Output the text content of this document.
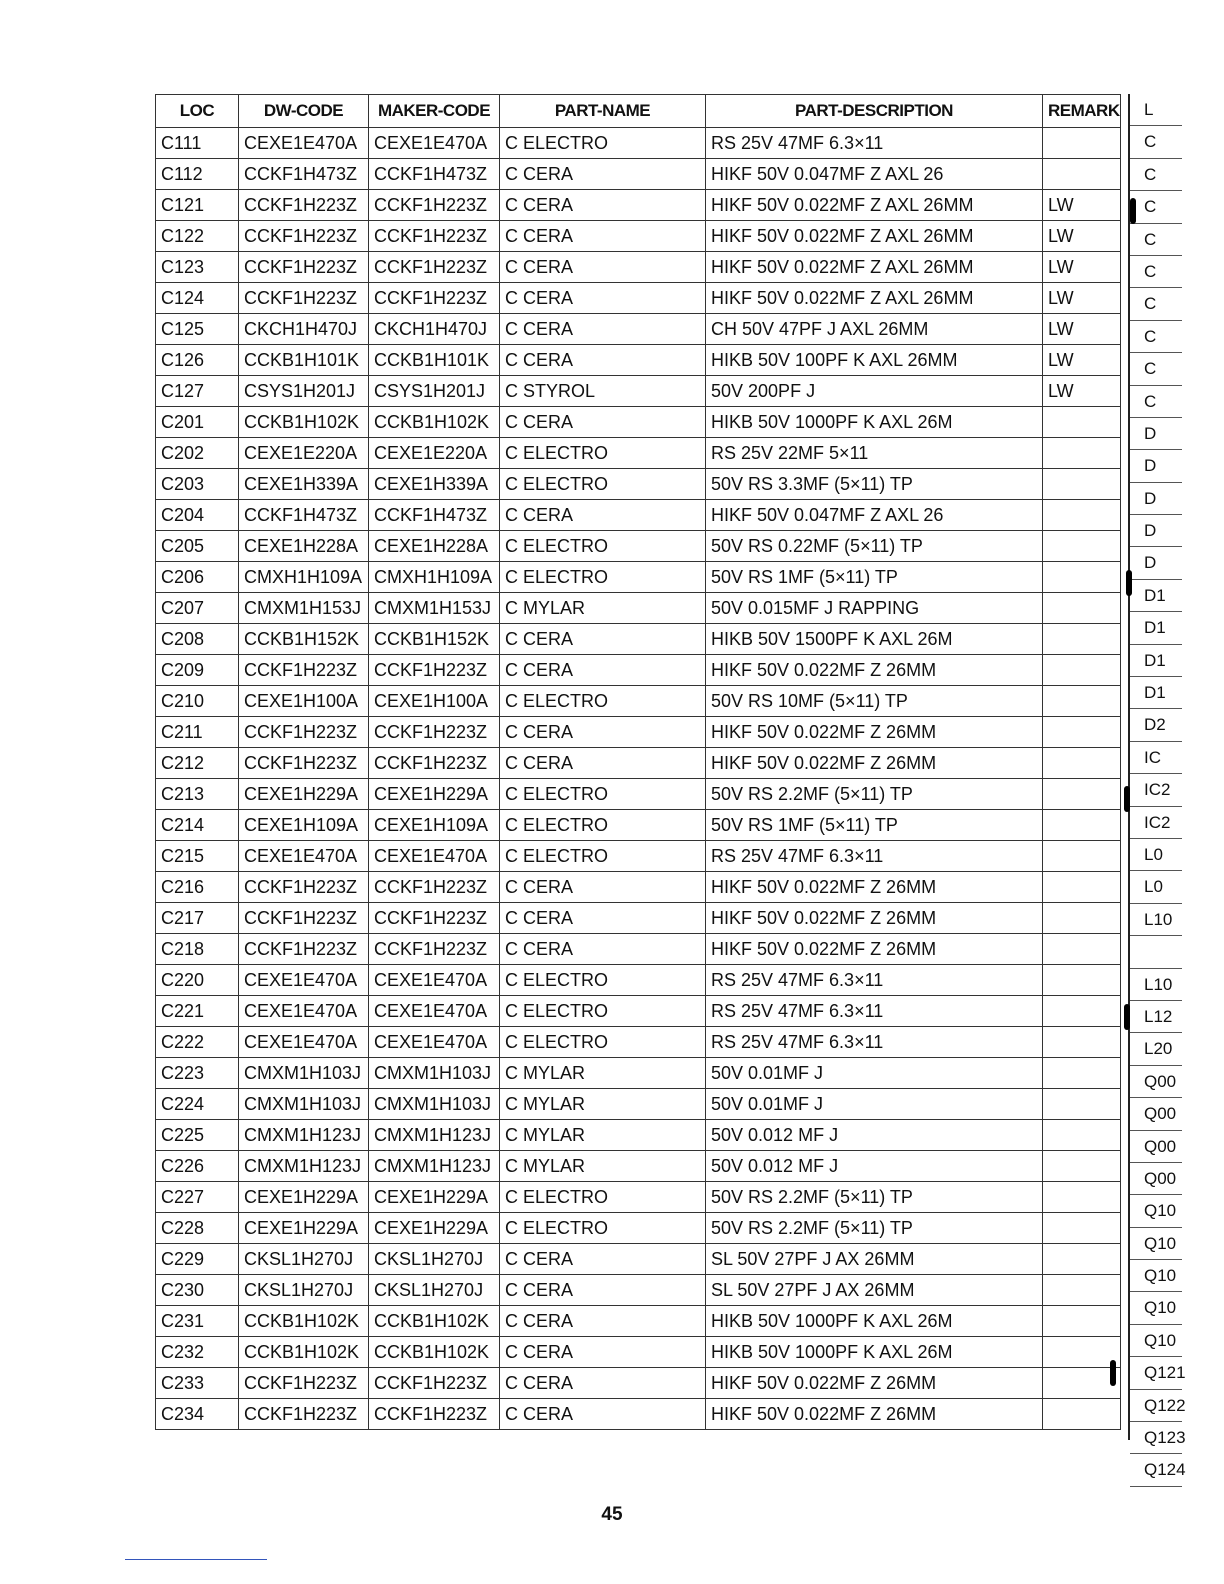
LOC	DW-CODE	MAKER-CODE	PART-NAME	PART-DESCRIPTION	REMARK
C111	CEXE1E470A	CEXE1E470A	C ELECTRO	RS 25V 47MF 6.3×11	
C112	CCKF1H473Z	CCKF1H473Z	C CERA	HIKF 50V 0.047MF Z AXL 26	
C121	CCKF1H223Z	CCKF1H223Z	C CERA	HIKF 50V 0.022MF Z AXL 26MM	LW
C122	CCKF1H223Z	CCKF1H223Z	C CERA	HIKF 50V 0.022MF Z AXL 26MM	LW
C123	CCKF1H223Z	CCKF1H223Z	C CERA	HIKF 50V 0.022MF Z AXL 26MM	LW
C124	CCKF1H223Z	CCKF1H223Z	C CERA	HIKF 50V 0.022MF Z AXL 26MM	LW
C125	CKCH1H470J	CKCH1H470J	C CERA	CH 50V 47PF J AXL 26MM	LW
C126	CCKB1H101K	CCKB1H101K	C CERA	HIKB 50V 100PF K AXL 26MM	LW
C127	CSYS1H201J	CSYS1H201J	C STYROL	50V 200PF J	LW
C201	CCKB1H102K	CCKB1H102K	C CERA	HIKB 50V 1000PF K AXL 26M	
C202	CEXE1E220A	CEXE1E220A	C ELECTRO	RS 25V 22MF 5×11	
C203	CEXE1H339A	CEXE1H339A	C ELECTRO	50V RS 3.3MF (5×11) TP	
C204	CCKF1H473Z	CCKF1H473Z	C CERA	HIKF 50V 0.047MF Z AXL 26	
C205	CEXE1H228A	CEXE1H228A	C ELECTRO	50V RS 0.22MF (5×11) TP	
C206	CMXH1H109A	CMXH1H109A	C ELECTRO	50V RS 1MF (5×11) TP	
C207	CMXM1H153J	CMXM1H153J	C MYLAR	50V 0.015MF J RAPPING	
C208	CCKB1H152K	CCKB1H152K	C CERA	HIKB 50V 1500PF K AXL 26M	
C209	CCKF1H223Z	CCKF1H223Z	C CERA	HIKF 50V 0.022MF Z 26MM	
C210	CEXE1H100A	CEXE1H100A	C ELECTRO	50V RS 10MF (5×11) TP	
C211	CCKF1H223Z	CCKF1H223Z	C CERA	HIKF 50V 0.022MF Z 26MM	
C212	CCKF1H223Z	CCKF1H223Z	C CERA	HIKF 50V 0.022MF Z 26MM	
C213	CEXE1H229A	CEXE1H229A	C ELECTRO	50V RS 2.2MF (5×11) TP	
C214	CEXE1H109A	CEXE1H109A	C ELECTRO	50V RS 1MF (5×11) TP	
C215	CEXE1E470A	CEXE1E470A	C ELECTRO	RS 25V 47MF 6.3×11	
C216	CCKF1H223Z	CCKF1H223Z	C CERA	HIKF 50V 0.022MF Z 26MM	
C217	CCKF1H223Z	CCKF1H223Z	C CERA	HIKF 50V 0.022MF Z 26MM	
C218	CCKF1H223Z	CCKF1H223Z	C CERA	HIKF 50V 0.022MF Z 26MM	
C220	CEXE1E470A	CEXE1E470A	C ELECTRO	RS 25V 47MF 6.3×11	
C221	CEXE1E470A	CEXE1E470A	C ELECTRO	RS 25V 47MF 6.3×11	
C222	CEXE1E470A	CEXE1E470A	C ELECTRO	RS 25V 47MF 6.3×11	
C223	CMXM1H103J	CMXM1H103J	C MYLAR	50V 0.01MF J	
C224	CMXM1H103J	CMXM1H103J	C MYLAR	50V 0.01MF J	
C225	CMXM1H123J	CMXM1H123J	C MYLAR	50V 0.012 MF J	
C226	CMXM1H123J	CMXM1H123J	C MYLAR	50V 0.012 MF J	
C227	CEXE1H229A	CEXE1H229A	C ELECTRO	50V RS 2.2MF (5×11) TP	
C228	CEXE1H229A	CEXE1H229A	C ELECTRO	50V RS 2.2MF (5×11) TP	
C229	CKSL1H270J	CKSL1H270J	C CERA	SL 50V 27PF J AX 26MM	
C230	CKSL1H270J	CKSL1H270J	C CERA	SL 50V 27PF J AX 26MM	
C231	CCKB1H102K	CCKB1H102K	C CERA	HIKB 50V 1000PF K AXL 26M	
C232	CCKB1H102K	CCKB1H102K	C CERA	HIKB 50V 1000PF K AXL 26M	
C233	CCKF1H223Z	CCKF1H223Z	C CERA	HIKF 50V 0.022MF Z 26MM	
C234	CCKF1H223Z	CCKF1H223Z	C CERA	HIKF 50V 0.022MF Z 26MM	
L
C
C
C
C
C
C
C
C
C
D
D
D
D
D
D1
D1
D1
D1
D2
IC
IC2
IC2
L0
L0
L10
L10
L12
L20
Q00
Q00
Q00
Q00
Q10
Q10
Q10
Q10
Q10
Q121
Q122
Q123
Q124
45
